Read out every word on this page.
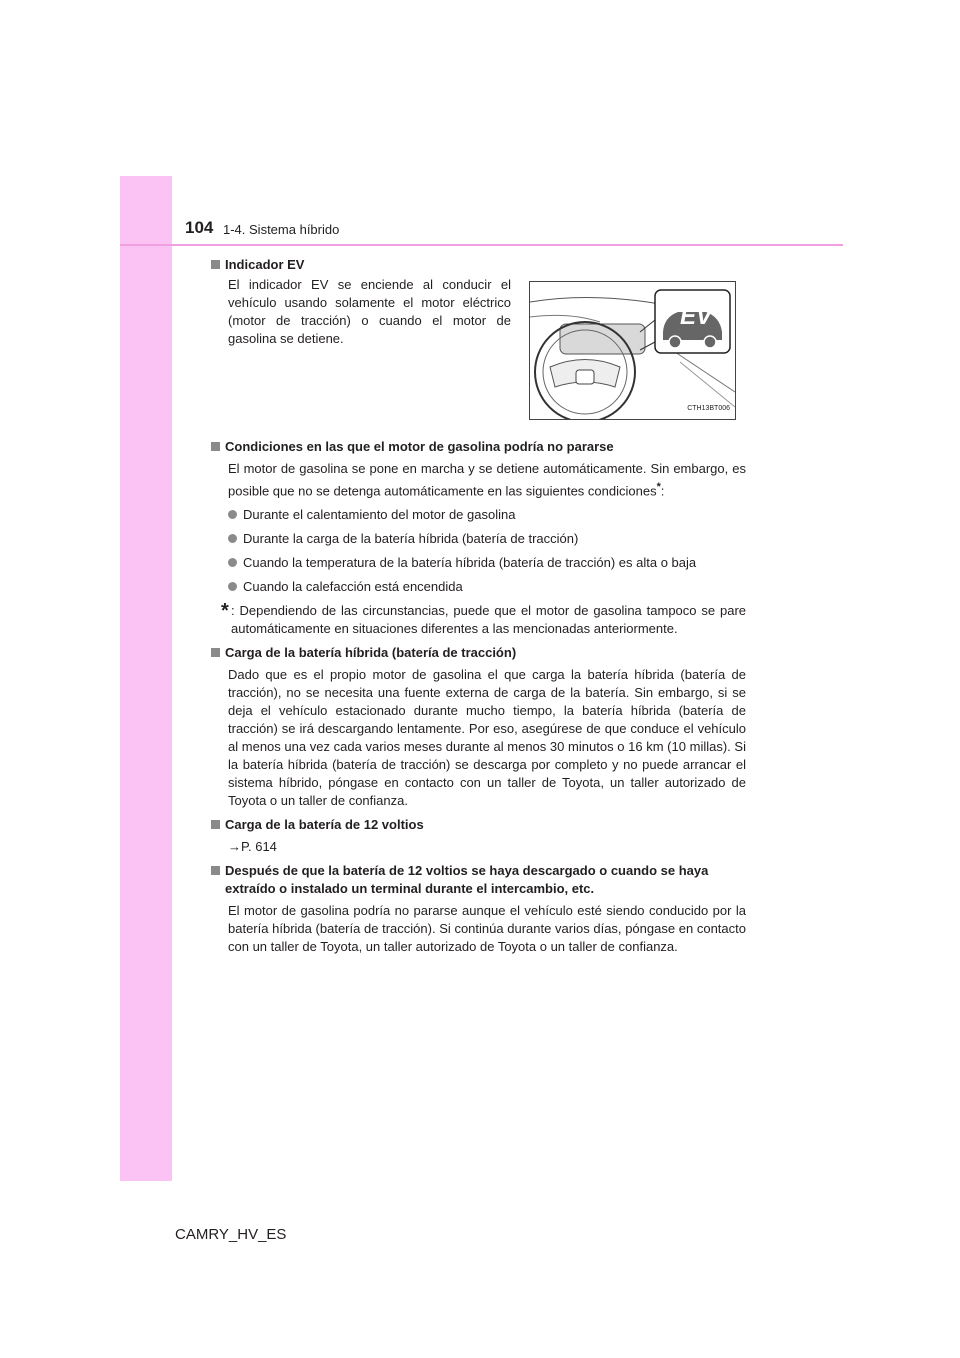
104 1-4. Sistema híbrido
Indicador EV
El indicador EV se enciende al conducir el vehículo usando solamente el motor eléctrico (motor de tracción) o cuando el motor de gasolina se detiene.
EV
CTH13BT006
Condiciones en las que el motor de gasolina podría no pararse
El motor de gasolina se pone en marcha y se detiene automáticamente. Sin embargo, es posible que no se detenga automáticamente en las siguientes condiciones*:
Durante el calentamiento del motor de gasolina
Durante la carga de la batería híbrida (batería de tracción)
Cuando la temperatura de la batería híbrida (batería de tracción) es alta o baja
Cuando la calefacción está encendida
* : Dependiendo de las circunstancias, puede que el motor de gasolina tampoco se pare automáticamente en situaciones diferentes a las mencionadas anteriormente.
Carga de la batería híbrida (batería de tracción)
Dado que es el propio motor de gasolina el que carga la batería híbrida (batería de tracción), no se necesita una fuente externa de carga de la batería. Sin embargo, si se deja el vehículo estacionado durante mucho tiempo, la batería híbrida (batería de tracción) se irá descargando lentamente. Por eso, asegúrese de que conduce el vehículo al menos una vez cada varios meses durante al menos 30 minutos o 16 km (10 millas). Si la batería híbrida (batería de tracción) se descarga por completo y no puede arrancar el sistema híbrido, póngase en contacto con un taller de Toyota, un taller autorizado de Toyota o un taller de confianza.
Carga de la batería de 12 voltios
→P. 614
Después de que la batería de 12 voltios se haya descargado o cuando se haya extraído o instalado un terminal durante el intercambio, etc.
El motor de gasolina podría no pararse aunque el vehículo esté siendo conducido por la batería híbrida (batería de tracción). Si continúa durante varios días, póngase en contacto con un taller de Toyota, un taller autorizado de Toyota o un taller de confianza.
CAMRY_HV_ES
